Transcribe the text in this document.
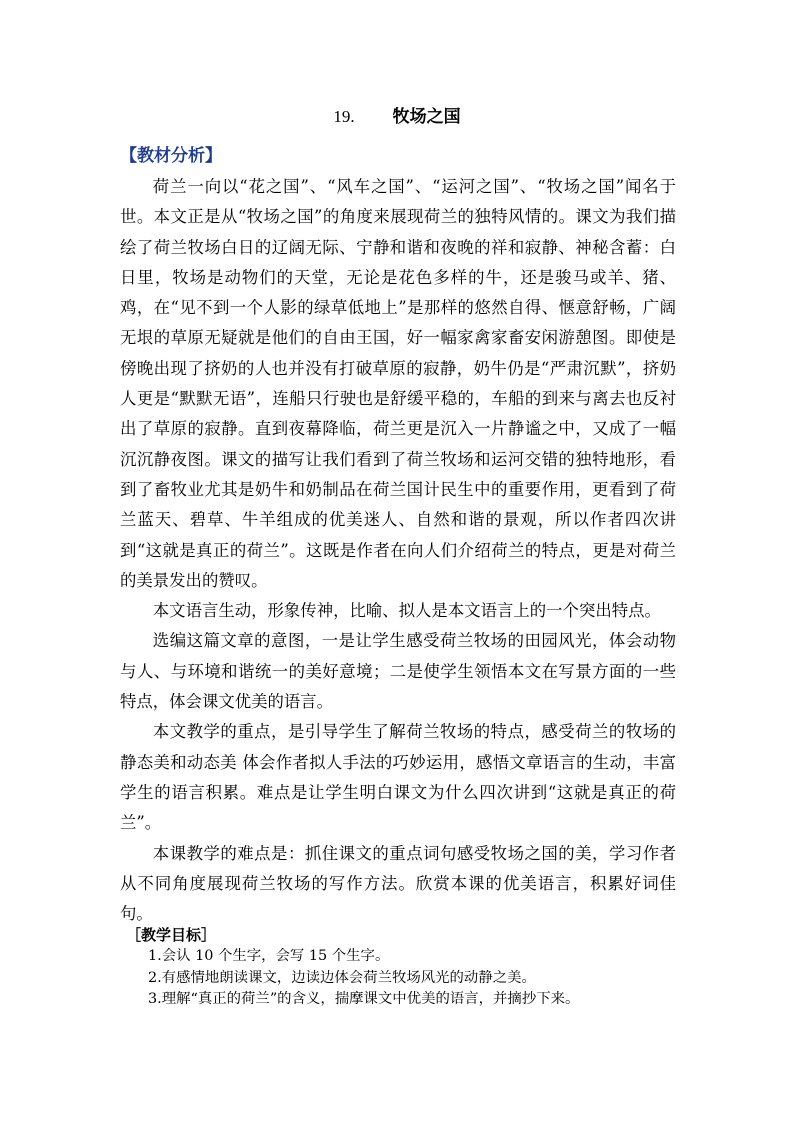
19. 牧场之国
【教材分析】

荷兰一向以“花之国”、“风车之国”、“运河之国”、“牧场之国”闻名于世。本文正是从“牧场之国”的角度来展现荷兰的独特风情的。课文为我们描绘了荷兰牧场白日的辽阔无际、宁静和谐和夜晚的祥和寂静、神秘含蓄：白日里，牧场是动物们的天堂，无论是花色多样的牛，还是骏马或羊、猪、鸡，在“见不到一个人影的绿草低地上”是那样的悠然自得、惬意舒畅，广阔无垠的草原无疑就是他们的自由王国，好一幅家禽家畜安闲游憩图。即使是傍晚出现了挤奶的人也并没有打破草原的寂静，奶牛仍是“严肃沉默”，挤奶人更是“默默无语”，连船只行驶也是舒缓平稳的，车船的到来与离去也反衬出了草原的寂静。直到夜幕降临，荷兰更是沉入一片静谧之中，又成了一幅沉沉静夜图。课文的描写让我们看到了荷兰牧场和运河交错的独特地形，看到了畜牧业尤其是奶牛和奶制品在荷兰国计民生中的重要作用，更看到了荷兰蓝天、碧草、牛羊组成的优美迷人、自然和谐的景观，所以作者四次讲到“这就是真正的荷兰”。这既是作者在向人们介绍荷兰的特点，更是对荷兰的美景发出的赞叹。

本文语言生动，形象传神，比喻、拟人是本文语言上的一个突出特点。

选编这篇文章的意图，一是让学生感受荷兰牧场的田园风光，体会动物与人、与环境和谐统一的美好意境；二是使学生领悟本文在写景方面的一些特点，体会课文优美的语言。

本文教学的重点，是引导学生了解荷兰牧场的特点，感受荷兰的牧场的静态美和动态美 体会作者拟人手法的巧妙运用，感悟文章语言的生动，丰富学生的语言积累。难点是让学生明白课文为什么四次讲到“这就是真正的荷兰”。

本课教学的难点是：抓住课文的重点词句感受牧场之国的美，学习作者从不同角度展现荷兰牧场的写作方法。欣赏本课的优美语言，积累好词佳句。

［教学目标］
1.会认 10 个生字，会写 15 个生字。
2.有感情地朗读课文，边读边体会荷兰牧场风光的动静之美。
3.理解“真正的荷兰”的含义，揣摩课文中优美的语言，并摘抄下来。
